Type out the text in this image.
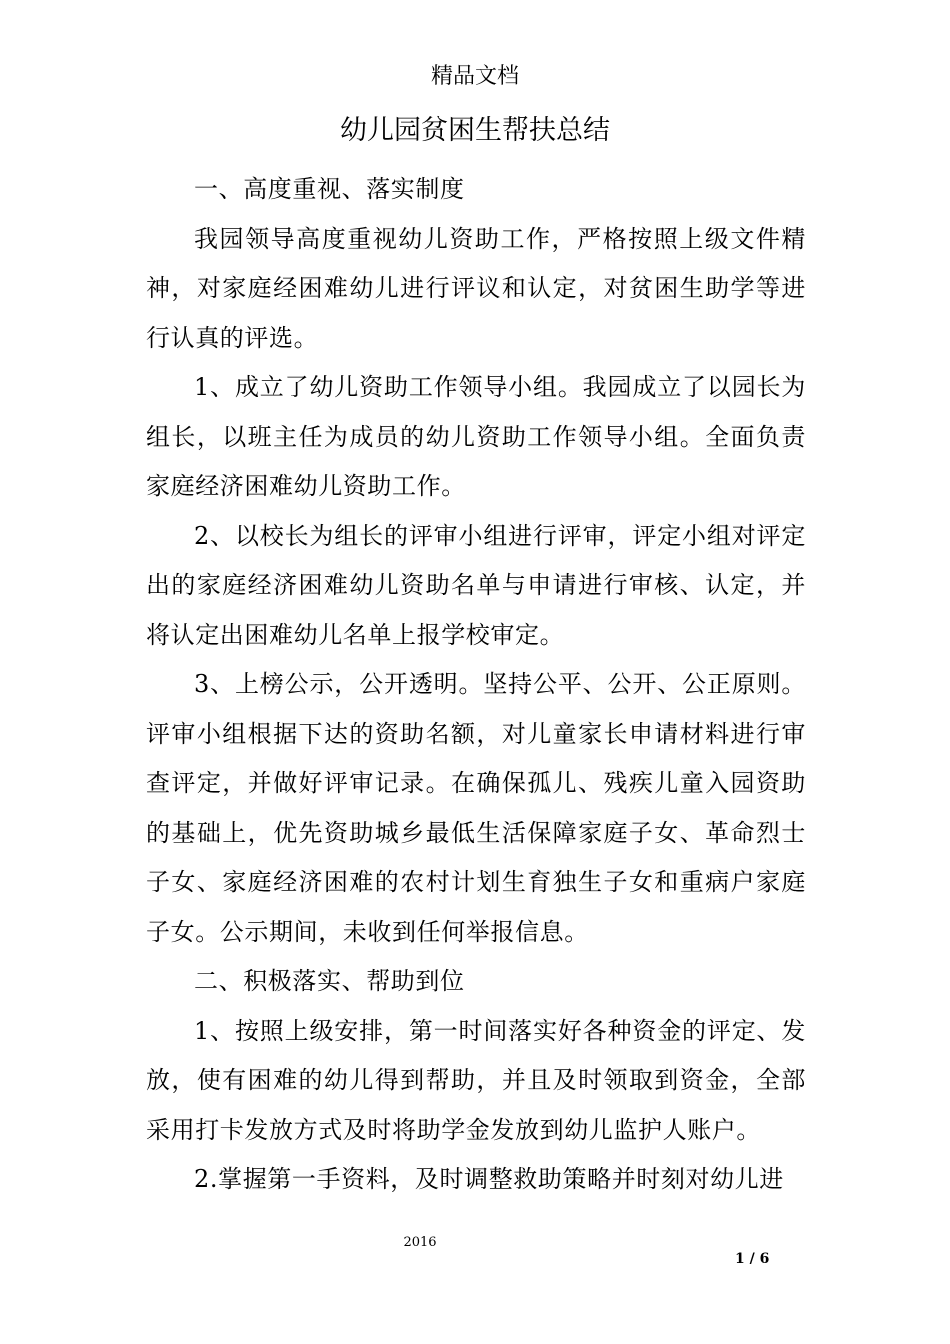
精品文档
幼儿园贫困生帮扶总结

一、高度重视、落实制度

我园领导高度重视幼儿资助工作，严格按照上级文件精神，对家庭经困难幼儿进行评议和认定，对贫困生助学等进行认真的评选。

1、成立了幼儿资助工作领导小组。我园成立了以园长为组长，以班主任为成员的幼儿资助工作领导小组。全面负责家庭经济困难幼儿资助工作。

2、以校长为组长的评审小组进行评审，评定小组对评定出的家庭经济困难幼儿资助名单与申请进行审核、认定，并将认定出困难幼儿名单上报学校审定。

3、上榜公示，公开透明。坚持公平、公开、公正原则。评审小组根据下达的资助名额，对儿童家长申请材料进行审查评定，并做好评审记录。在确保孤儿、残疾儿童入园资助的基础上，优先资助城乡最低生活保障家庭子女、革命烈士子女、家庭经济困难的农村计划生育独生子女和重病户家庭子女。公示期间，未收到任何举报信息。

二、积极落实、帮助到位

1、按照上级安排，第一时间落实好各种资金的评定、发放，使有困难的幼儿得到帮助，并且及时领取到资金，全部采用打卡发放方式及时将助学金发放到幼儿监护人账户。

2.掌握第一手资料，及时调整救助策略并时刻对幼儿进

2016
1 / 6
